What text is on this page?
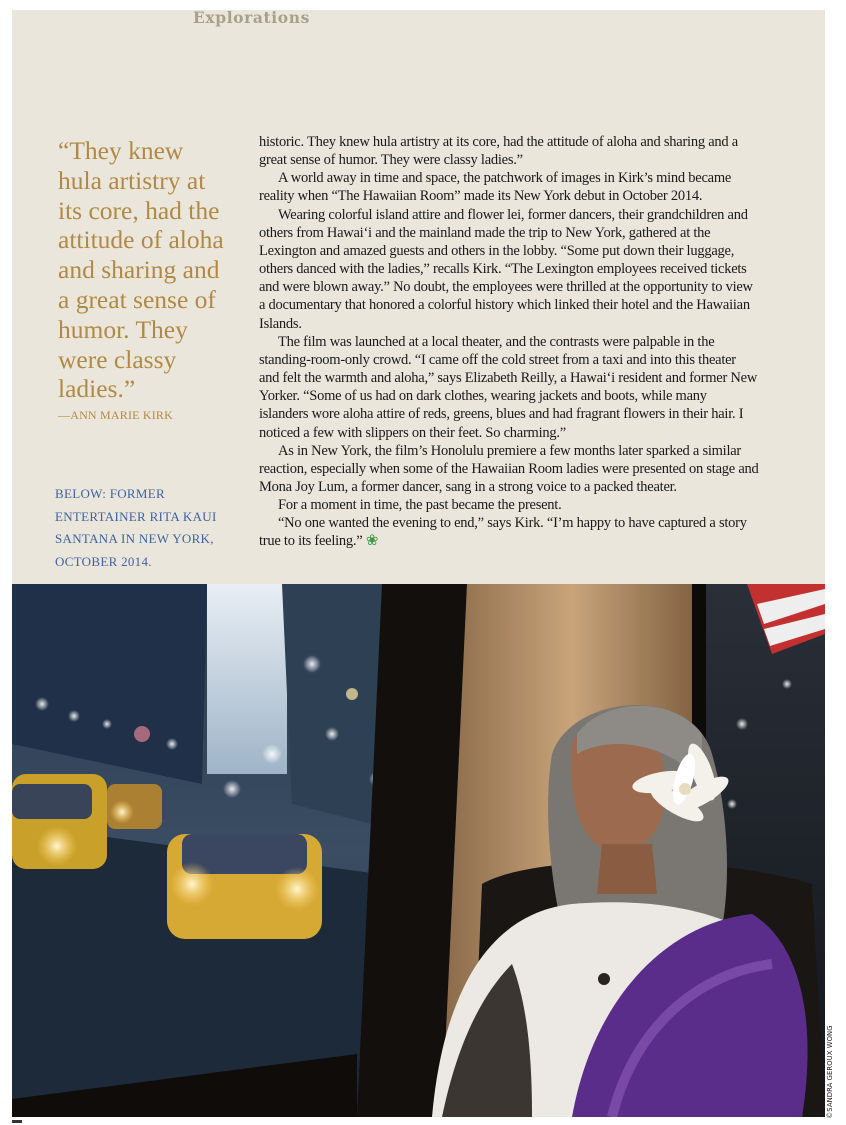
Explorations
“They knew hula artistry at its core, had the attitude of aloha and sharing and a great sense of humor. They were classy ladies.”
—ANN MARIE KIRK
BELOW: FORMER ENTERTAINER RITA KAUI SANTANA IN NEW YORK, OCTOBER 2014.

historic. They knew hula artistry at its core, had the attitude of aloha and sharing and a great sense of humor. They were classy ladies.”

A world away in time and space, the patchwork of images in Kirk’s mind became reality when “The Hawaiian Room” made its New York debut in October 2014.

Wearing colorful island attire and flower lei, former dancers, their grandchildren and others from Hawai‘i and the mainland made the trip to New York, gathered at the Lexington and amazed guests and others in the lobby. “Some put down their luggage, others danced with the ladies,” recalls Kirk. “The Lexington employees received tickets and were blown away.” No doubt, the employees were thrilled at the opportunity to view a documentary that honored a colorful history which linked their hotel and the Hawaiian Islands.

The film was launched at a local theater, and the contrasts were palpable in the standing-room-only crowd. “I came off the cold street from a taxi and into this theater and felt the warmth and aloha,” says Elizabeth Reilly, a Hawai‘i resident and former New Yorker. “Some of us had on dark clothes, wearing jackets and boots, while many islanders wore aloha attire of reds, greens, blues and had fragrant flowers in their hair. I noticed a few with slippers on their feet. So charming.”

As in New York, the film’s Honolulu premiere a few months later sparked a similar reaction, especially when some of the Hawaiian Room ladies were presented on stage and Mona Joy Lum, a former dancer, sang in a strong voice to a packed theater.

For a moment in time, the past became the present.

“No one wanted the evening to end,” says Kirk. “I’m happy to have captured a story true to its feeling.” ❀

©SANDRA GEROUX WONG
